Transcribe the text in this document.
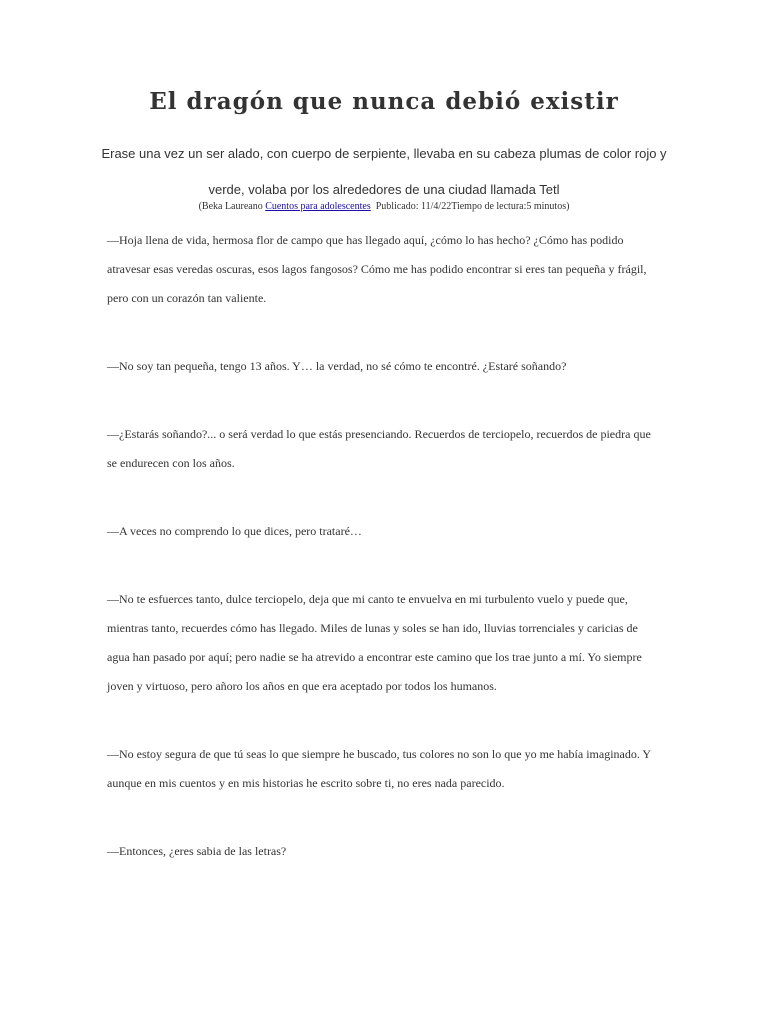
El dragón que nunca debió existir

Erase una vez un ser alado, con cuerpo de serpiente, llevaba en su cabeza plumas de color rojo y verde, volaba por los alrededores de una ciudad llamada Tetl

(Beka Laureano Cuentos para adolescentes  Publicado: 11/4/22Tiempo de lectura:5 minutos)

—Hoja llena de vida, hermosa flor de campo que has llegado aquí, ¿cómo lo has hecho? ¿Cómo has podido atravesar esas veredas oscuras, esos lagos fangosos? Cómo me has podido encontrar si eres tan pequeña y frágil, pero con un corazón tan valiente.

—No soy tan pequeña, tengo 13 años. Y… la verdad, no sé cómo te encontré. ¿Estaré soñando?

—¿Estarás soñando?... o será verdad lo que estás presenciando. Recuerdos de terciopelo, recuerdos de piedra que se endurecen con los años.

—A veces no comprendo lo que dices, pero trataré…

—No te esfuerces tanto, dulce terciopelo, deja que mi canto te envuelva en mi turbulento vuelo y puede que, mientras tanto, recuerdes cómo has llegado. Miles de lunas y soles se han ido, lluvias torrenciales y caricias de agua han pasado por aquí; pero nadie se ha atrevido a encontrar este camino que los trae junto a mí. Yo siempre joven y virtuoso, pero añoro los años en que era aceptado por todos los humanos.

—No estoy segura de que tú seas lo que siempre he buscado, tus colores no son lo que yo me había imaginado. Y aunque en mis cuentos y en mis historias he escrito sobre ti, no eres nada parecido.

—Entonces, ¿eres sabia de las letras?
